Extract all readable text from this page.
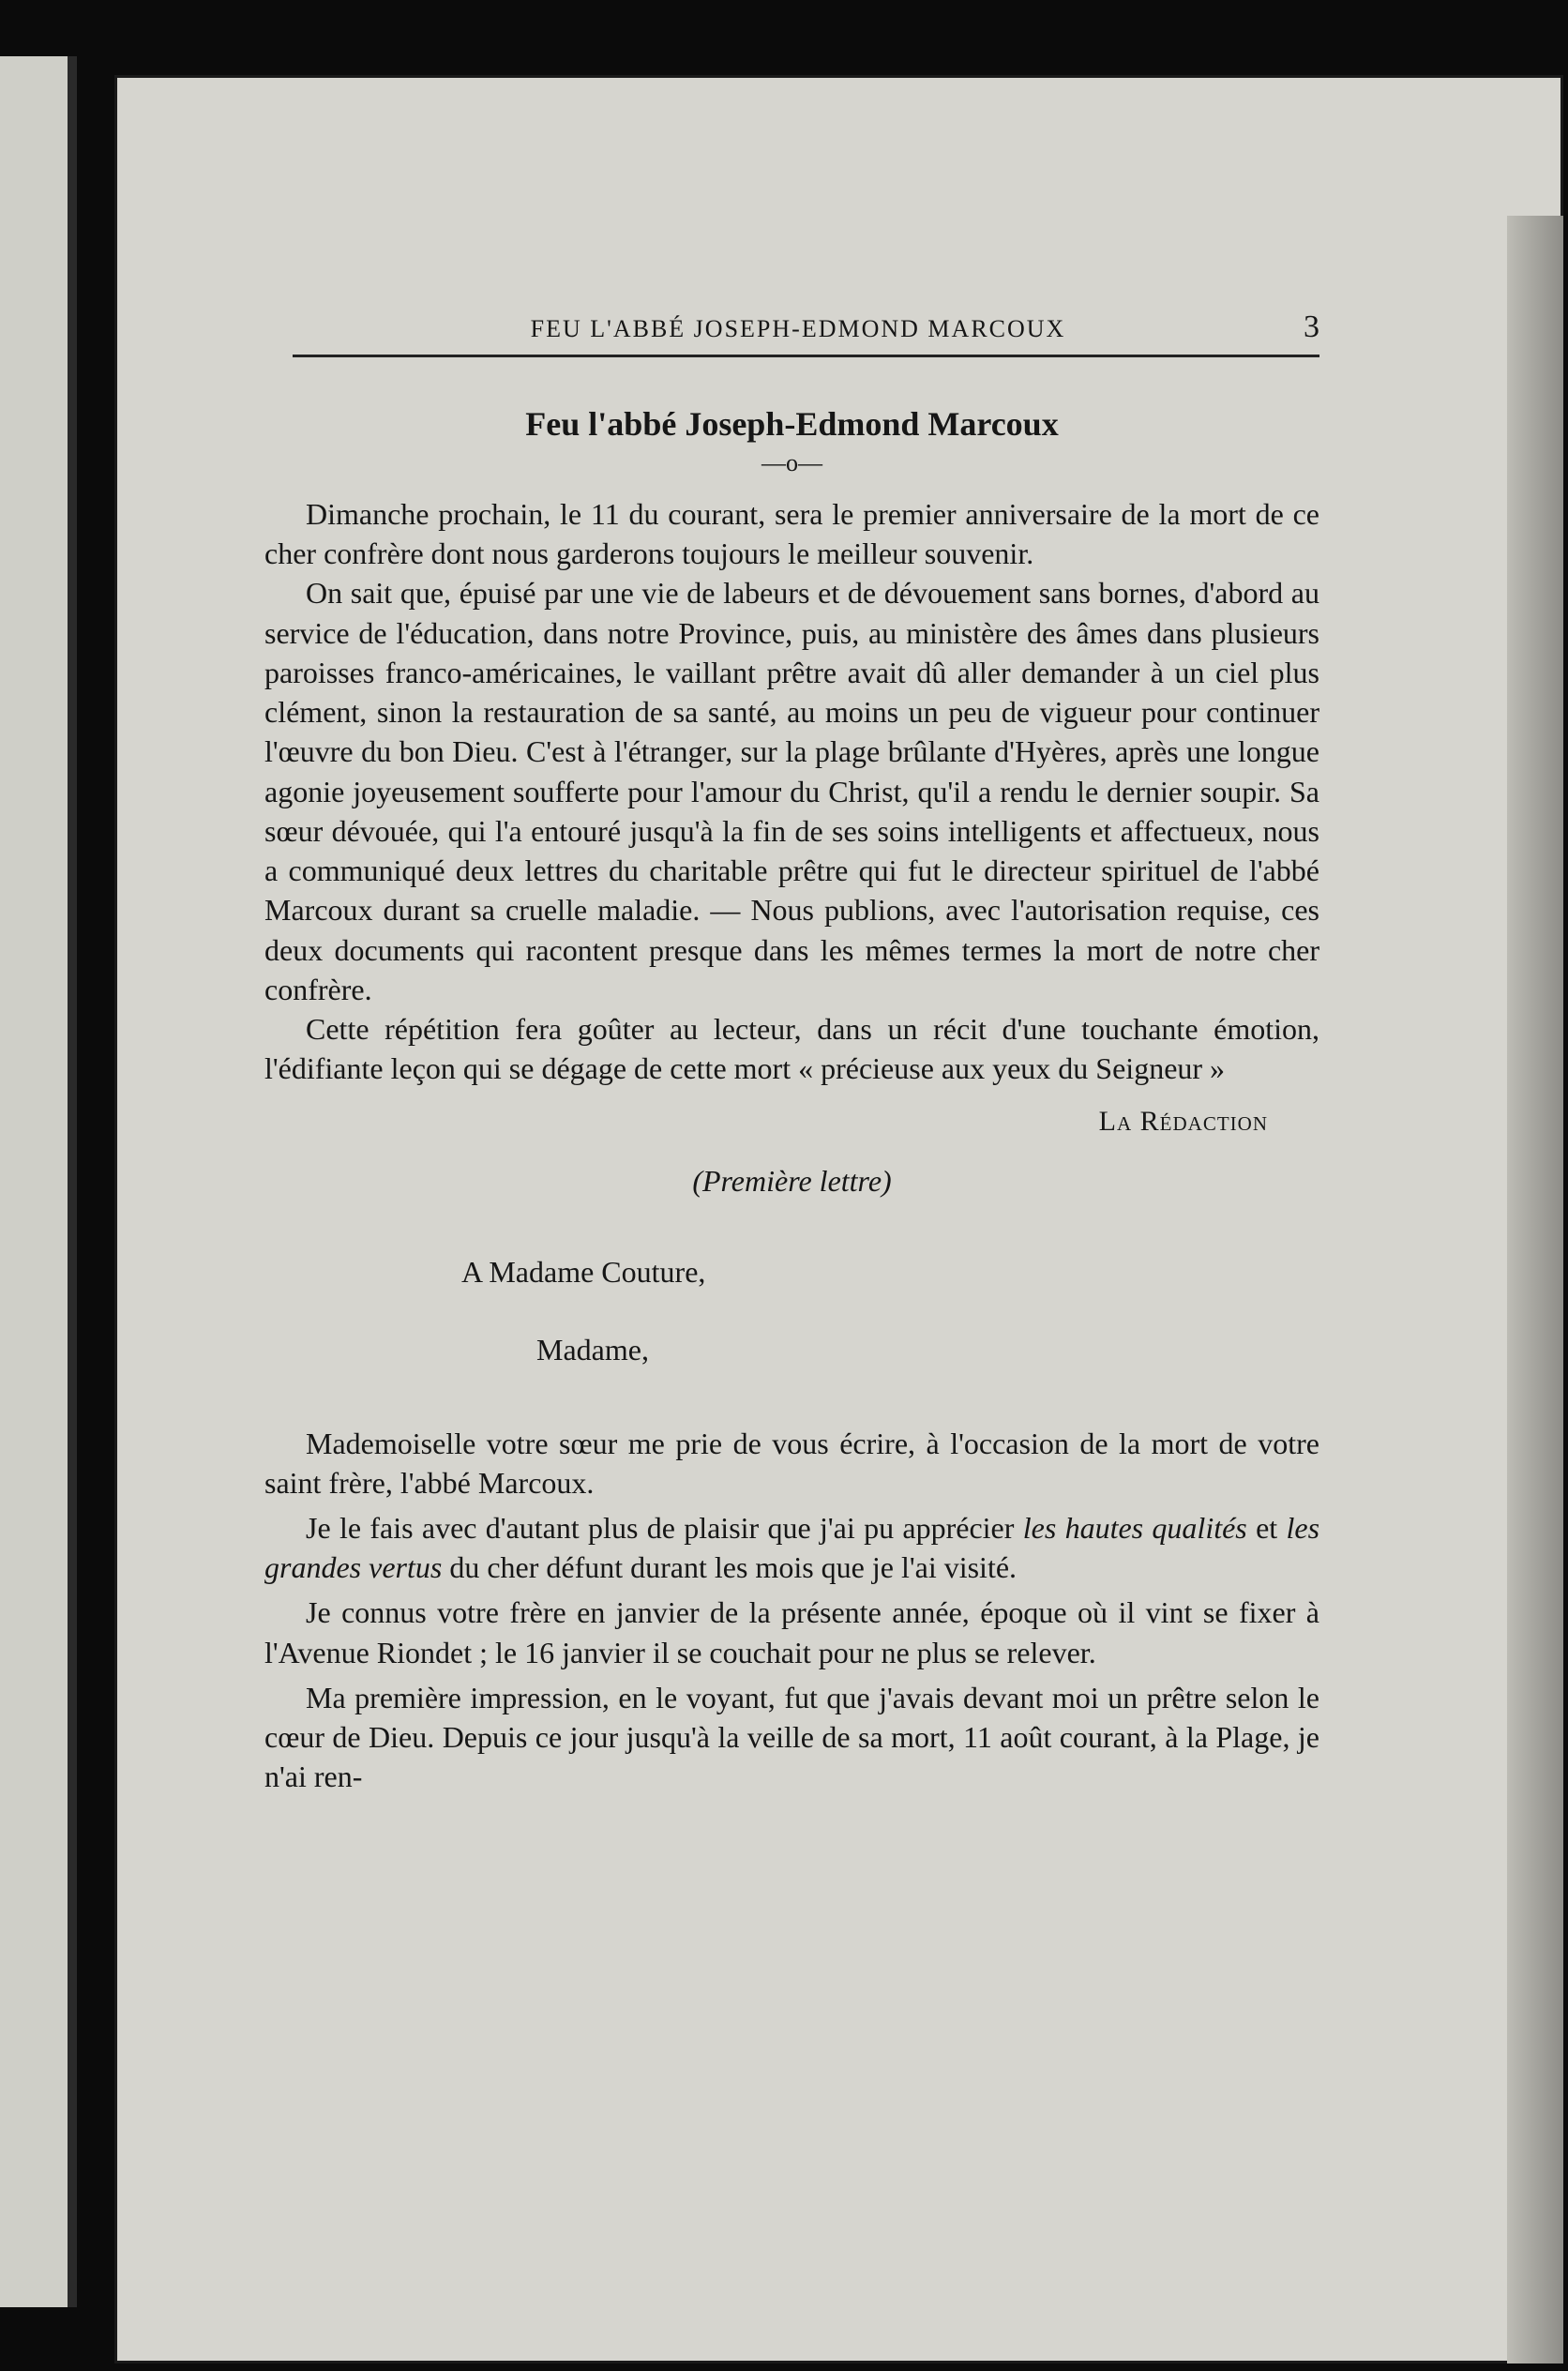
FEU L'ABBÉ JOSEPH-EDMOND MARCOUX	3
Feu l'abbé Joseph-Edmond Marcoux
—o—

Dimanche prochain, le 11 du courant, sera le premier anniversaire de la mort de ce cher confrère dont nous garderons toujours le meilleur souvenir.

On sait que, épuisé par une vie de labeurs et de dévouement sans bornes, d'abord au service de l'éducation, dans notre Province, puis, au ministère des âmes dans plusieurs paroisses franco-américaines, le vaillant prêtre avait dû aller demander à un ciel plus clément, sinon la restauration de sa santé, au moins un peu de vigueur pour continuer l'œuvre du bon Dieu. C'est à l'étranger, sur la plage brûlante d'Hyères, après une longue agonie joyeusement soufferte pour l'amour du Christ, qu'il a rendu le dernier soupir. Sa sœur dévouée, qui l'a entouré jusqu'à la fin de ses soins intelligents et affectueux, nous a communiqué deux lettres du charitable prêtre qui fut le directeur spirituel de l'abbé Marcoux durant sa cruelle maladie. — Nous publions, avec l'autorisation requise, ces deux documents qui racontent presque dans les mêmes termes la mort de notre cher confrère.

Cette répétition fera goûter au lecteur, dans un récit d'une touchante émotion, l'édifiante leçon qui se dégage de cette mort « précieuse aux yeux du Seigneur »

La Rédaction
(Première lettre)
A Madame Couture,
Madame,

Mademoiselle votre sœur me prie de vous écrire, à l'occasion de la mort de votre saint frère, l'abbé Marcoux.

Je le fais avec d'autant plus de plaisir que j'ai pu apprécier les hautes qualités et les grandes vertus du cher défunt durant les mois que je l'ai visité.

Je connus votre frère en janvier de la présente année, époque où il vint se fixer à l'Avenue Riondet ; le 16 janvier il se couchait pour ne plus se relever.

Ma première impression, en le voyant, fut que j'avais devant moi un prêtre selon le cœur de Dieu. Depuis ce jour jusqu'à la veille de sa mort, 11 août courant, à la Plage, je n'ai ren-
